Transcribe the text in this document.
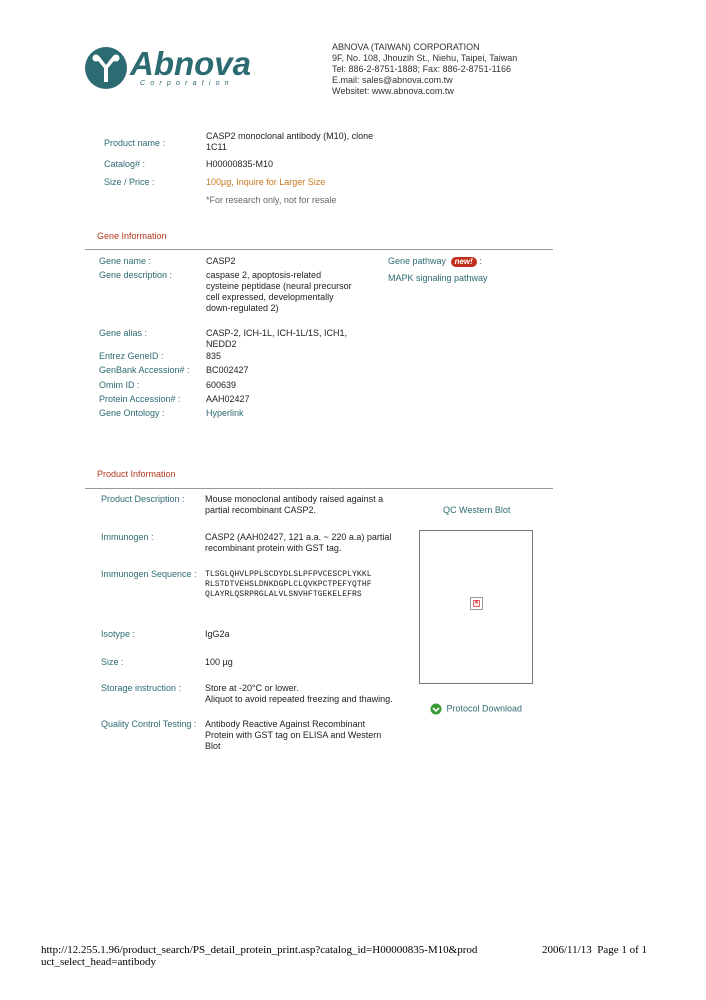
Abnova
Corporation
ABNOVA (TAIWAN) CORPORATION
9F, No. 108, Jhouzih St., Niehu, Taipei, Taiwan
Tel: 886-2-8751-1888; Fax: 886-2-8751-1166
E.mail: sales@abnova.com.tw
Websitet: www.abnova.com.tw
Product name :
CASP2 monoclonal antibody (M10), clone 1C11
Catalog# :	H00000835-M10
Size / Price :	100µg, Inquire for Larger Size
*For research only, not for resale
Gene Information
Gene name :	CASP2
Gene description :	caspase 2, apoptosis-related cysteine peptidase (neural precursor cell expressed, developmentally down-regulated 2)
Gene alias :	CASP-2, ICH-1L, ICH-1L/1S, ICH1, NEDD2
Entrez GeneID :	835
GenBank Accession# : BC002427
Omim ID :	600639
Protein Accession# :	AAH02427
Gene Ontology :	Hyperlink
Gene pathway new! :
MAPK signaling pathway
Product Information
Product Description : Mouse monoclonal antibody raised against a partial recombinant CASP2.
Immunogen :	CASP2 (AAH02427, 121 a.a. ~ 220 a.a) partial recombinant protein with GST tag.
Immunogen Sequence : TLSGLQHVLPPLSCDYDLSLPFPVCESCPLYKKL
RLSTDTVEHSLDNKDGPLCLQVKPCTPEFYQTHF
QLAYRLQSRPRGLALVLSNVHFTGEKELEFRS
Isotype :	IgG2a
Size :	100 µg
Storage instruction :	Store at -20°C or lower.
Aliquot to avoid repeated freezing and thawing.
Quality Control Testing : Antibody Reactive Against Recombinant Protein with GST tag on ELISA and Western Blot
QC Western Blot
×
Protocol Download
http://12.255.1.96/product_search/PS_detail_protein_print.asp?catalog_id=H00000835-M10&product_select_head=antibody
2006/11/13  Page 1 of 1
